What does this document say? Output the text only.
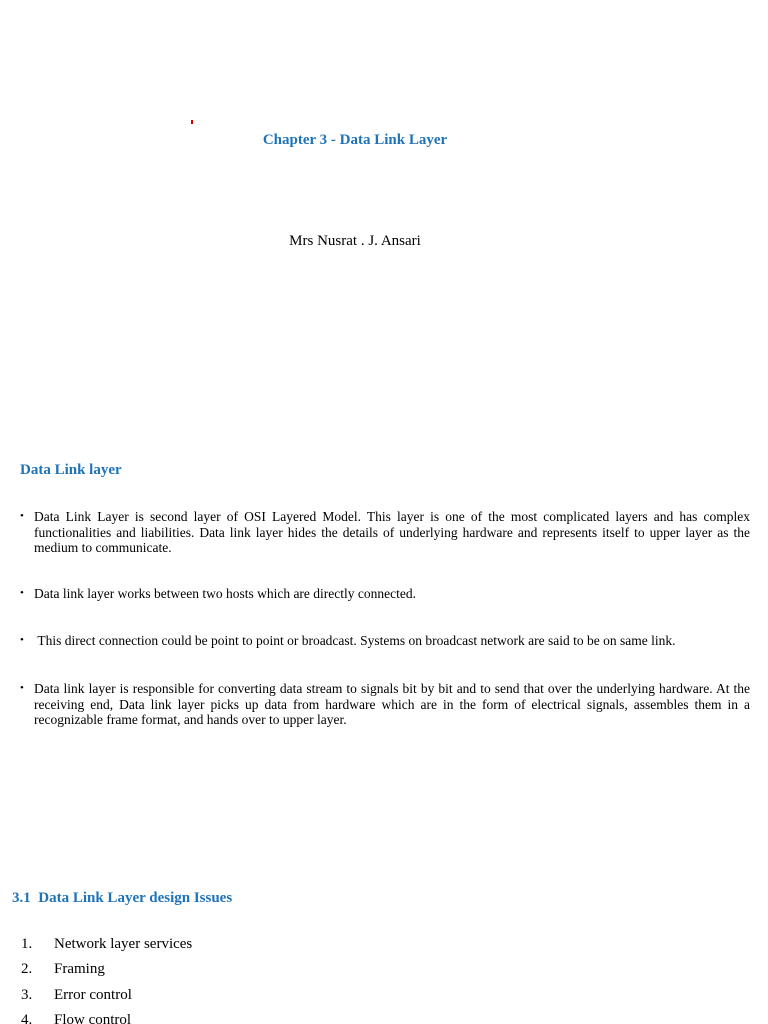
Chapter 3 - Data Link Layer
Mrs Nusrat . J. Ansari
Data Link layer
• Data Link Layer is second layer of OSI Layered Model. This layer is one of the most complicated layers and has complex functionalities and liabilities. Data link layer hides the details of underlying hardware and represents itself to upper layer as the medium to communicate.
• Data link layer works between two hosts which are directly connected.
• This direct connection could be point to point or broadcast. Systems on broadcast network are said to be on same link.
• Data link layer is responsible for converting data stream to signals bit by bit and to send that over the underlying hardware. At the receiving end, Data link layer picks up data from hardware which are in the form of electrical signals, assembles them in a recognizable frame format, and hands over to upper layer.
3.1  Data Link Layer design Issues
1. Network layer services
2. Framing
3. Error control
4. Flow control
